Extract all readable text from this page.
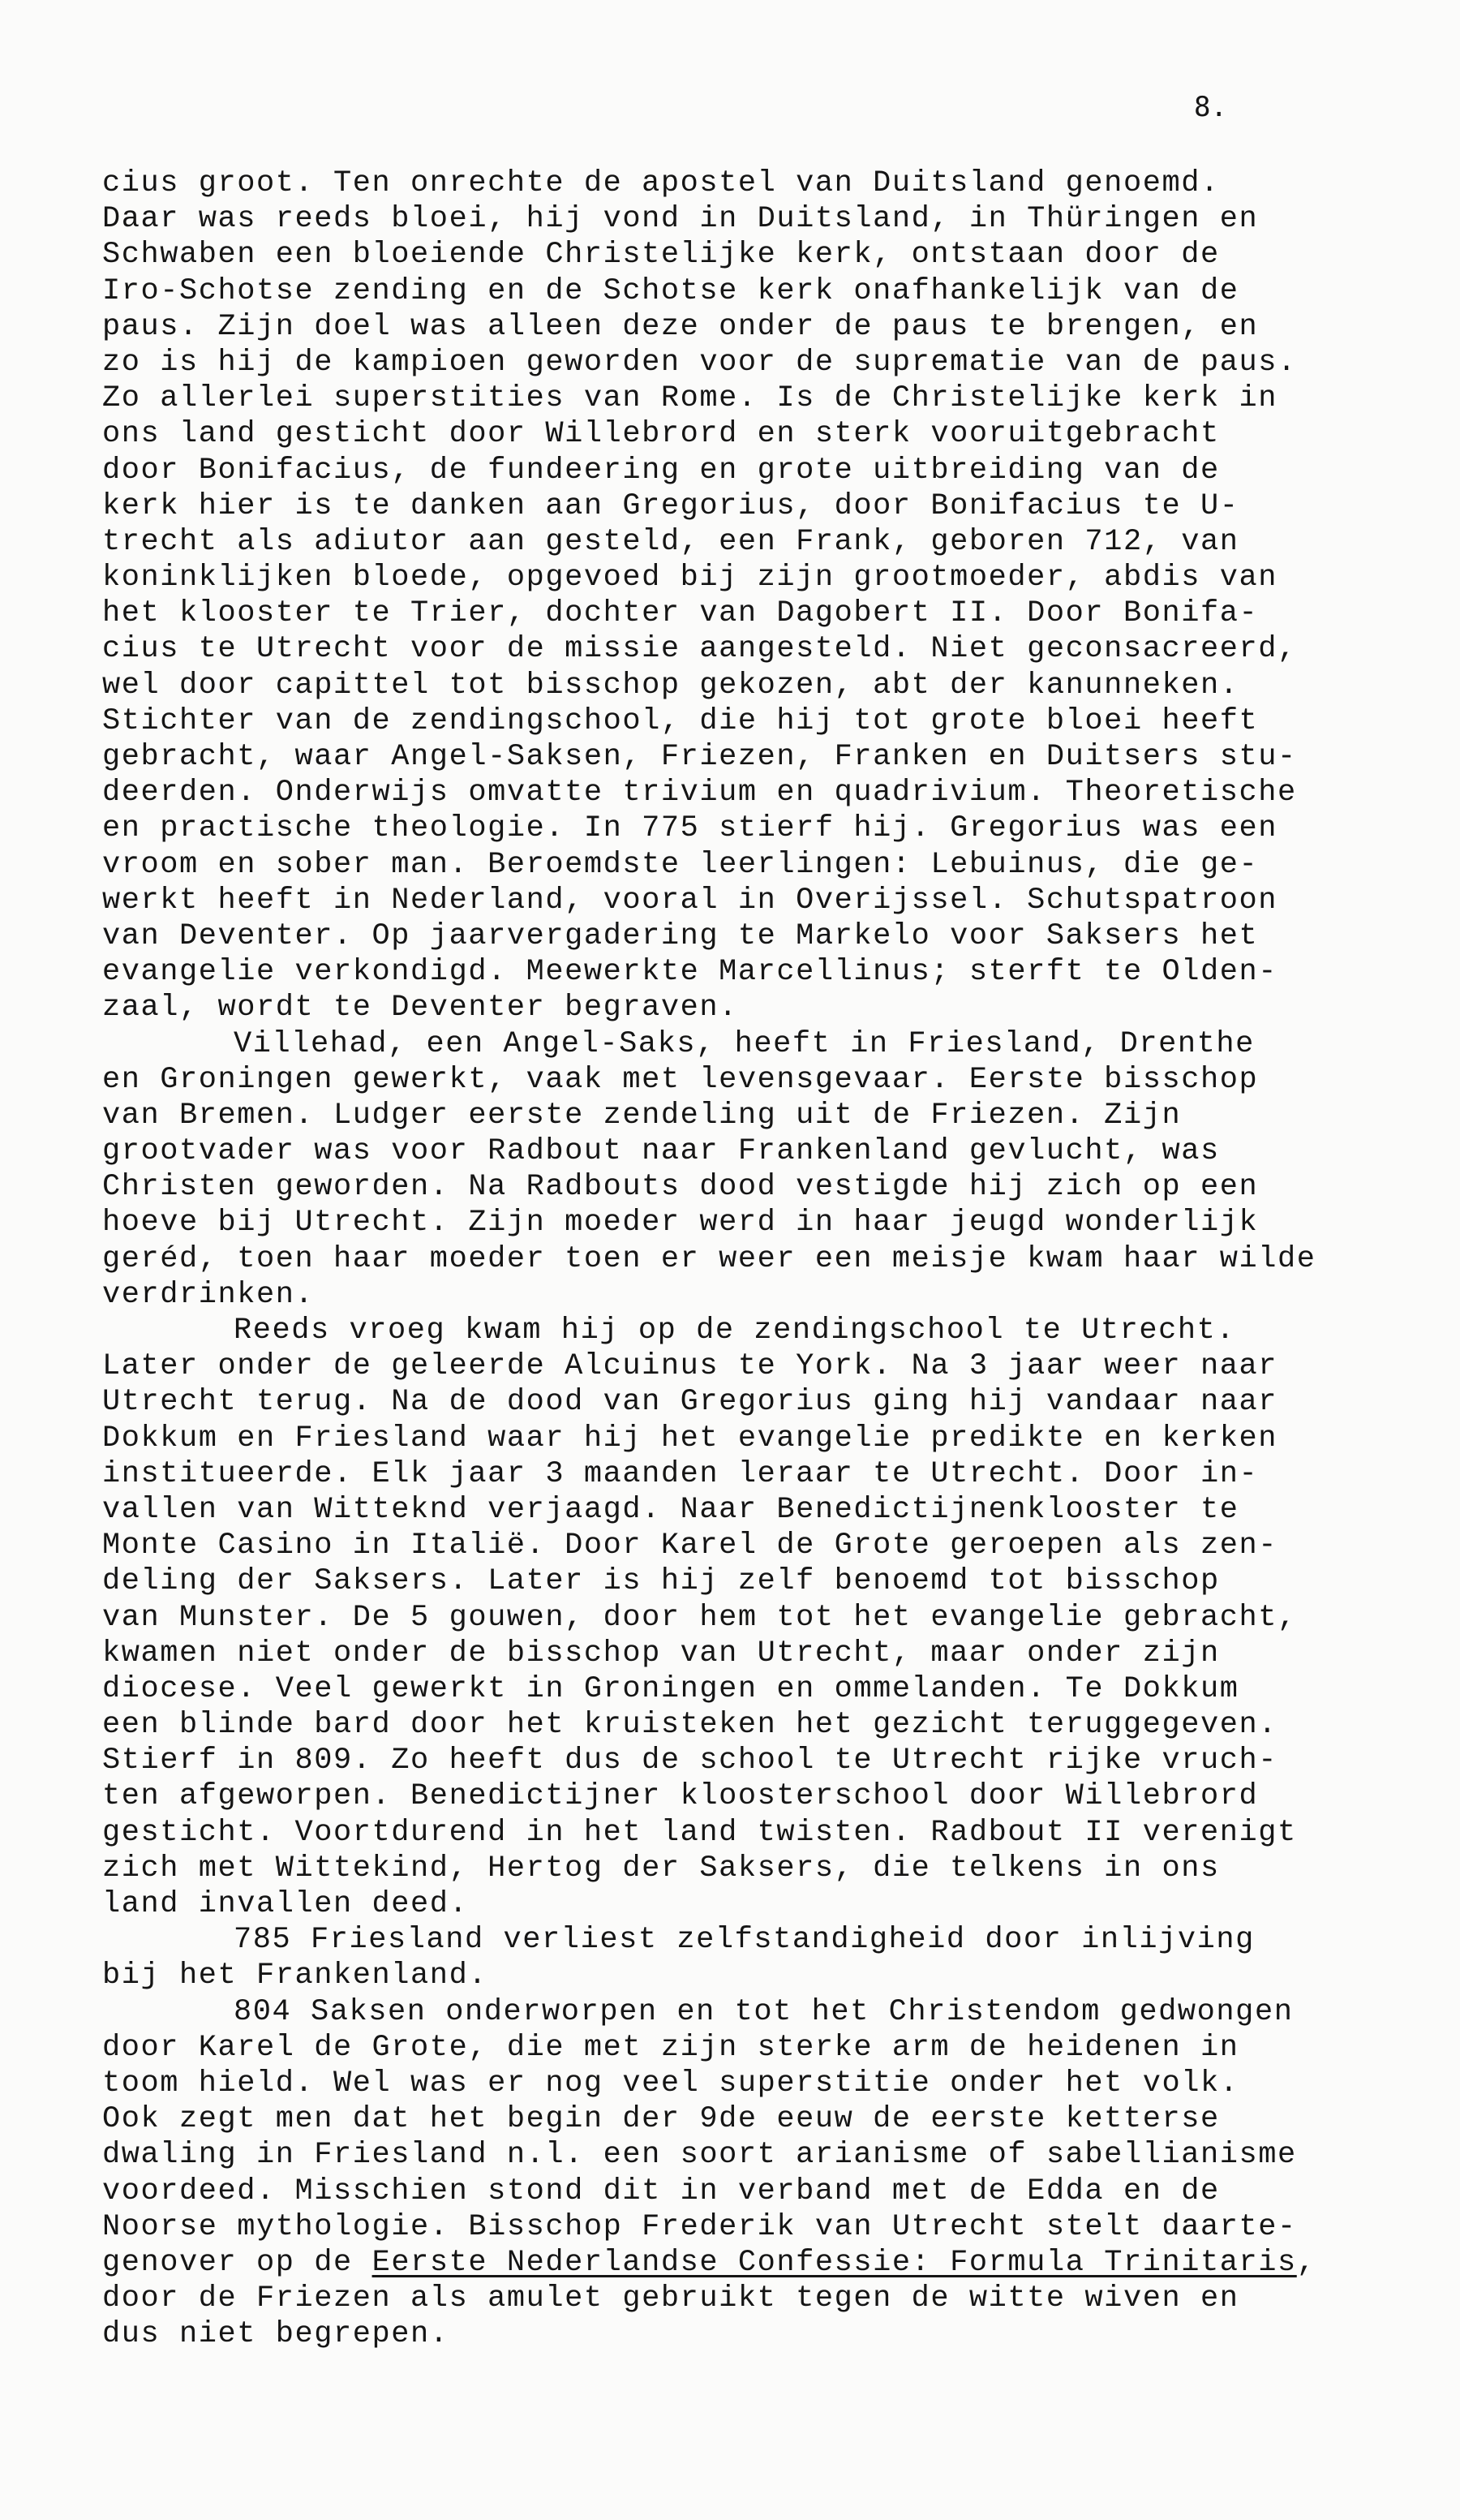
8.
cius groot. Ten onrechte de apostel van Duitsland genoemd.
Daar was reeds bloei, hij vond in Duitsland, in Thüringen en
Schwaben een bloeiende Christelijke kerk, ontstaan door de
Iro-Schotse zending en de Schotse kerk onafhankelijk van de
paus. Zijn doel was alleen deze onder de paus te brengen, en
zo is hij de kampioen geworden voor de suprematie van de paus.
Zo allerlei superstities van Rome. Is de Christelijke kerk in
ons land gesticht door Willebrord en sterk vooruitgebracht
door Bonifacius, de fundeering en grote uitbreiding van de
kerk hier is te danken aan Gregorius, door Bonifacius te U-
trecht als adiutor aan gesteld, een Frank, geboren 712, van
koninklijken bloede, opgevoed bij zijn grootmoeder, abdis van
het klooster te Trier, dochter van Dagobert II. Door Bonifa-
cius te Utrecht voor de missie aangesteld. Niet geconsacreerd,
wel door capittel tot bisschop gekozen, abt der kanunneken.
Stichter van de zendingschool, die hij tot grote bloei heeft
gebracht, waar Angel-Saksen, Friezen, Franken en Duitsers stu-
deerden. Onderwijs omvatte trivium en quadrivium. Theoretische
en practische theologie. In 775 stierf hij. Gregorius was een
vroom en sober man. Beroemdste leerlingen: Lebuinus, die ge-
werkt heeft in Nederland, vooral in Overijssel. Schutspatroon
van Deventer. Op jaarvergadering te Markelo voor Saksers het
evangelie verkondigd. Meewerkte Marcellinus; sterft te Olden-
zaal, wordt te Deventer begraven.
Villehad, een Angel-Saks, heeft in Friesland, Drenthe
en Groningen gewerkt, vaak met levensgevaar. Eerste bisschop
van Bremen. Ludger eerste zendeling uit de Friezen. Zijn
grootvader was voor Radbout naar Frankenland gevlucht, was
Christen geworden. Na Radbouts dood vestigde hij zich op een
hoeve bij Utrecht. Zijn moeder werd in haar jeugd wonderlijk
geréd, toen haar moeder toen er weer een meisje kwam haar wilde
verdrinken.
Reeds vroeg kwam hij op de zendingschool te Utrecht.
Later onder de geleerde Alcuinus te York. Na 3 jaar weer naar
Utrecht terug. Na de dood van Gregorius ging hij vandaar naar
Dokkum en Friesland waar hij het evangelie predikte en kerken
institueerde. Elk jaar 3 maanden leraar te Utrecht. Door in-
vallen van Witteknd verjaagd. Naar Benedictijnenklooster te
Monte Casino in Italië. Door Karel de Grote geroepen als zen-
deling der Saksers. Later is hij zelf benoemd tot bisschop
van Munster. De 5 gouwen, door hem tot het evangelie gebracht,
kwamen niet onder de bisschop van Utrecht, maar onder zijn
diocese. Veel gewerkt in Groningen en ommelanden. Te Dokkum
een blinde bard door het kruisteken het gezicht teruggegeven.
Stierf in 809. Zo heeft dus de school te Utrecht rijke vruch-
ten afgeworpen. Benedictijner kloosterschool door Willebrord
gesticht. Voortdurend in het land twisten. Radbout II verenigt
zich met Wittekind, Hertog der Saksers, die telkens in ons
land invallen deed.
785 Friesland verliest zelfstandigheid door inlijving
bij het Frankenland.
804 Saksen onderworpen en tot het Christendom gedwongen
door Karel de Grote, die met zijn sterke arm de heidenen in
toom hield. Wel was er nog veel superstitie onder het volk.
Ook zegt men dat het begin der 9de eeuw de eerste ketterse
dwaling in Friesland n.l. een soort arianisme of sabellianisme
voordeed. Misschien stond dit in verband met de Edda en de
Noorse mythologie. Bisschop Frederik van Utrecht stelt daarte-
genover op de Eerste Nederlandse Confessie: Formula Trinitaris,
door de Friezen als amulet gebruikt tegen de witte wiven en
dus niet begrepen.
